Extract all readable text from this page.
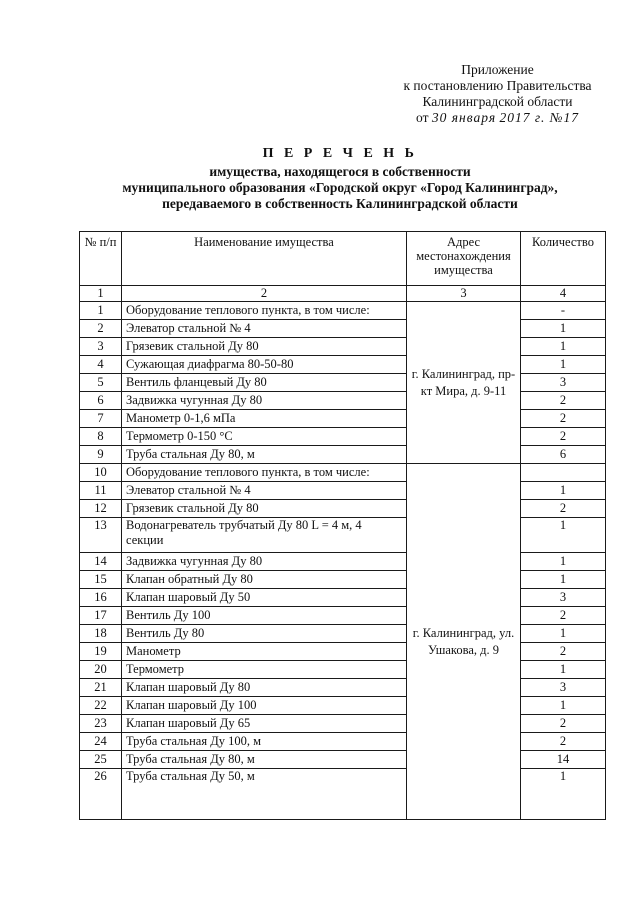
Приложение
к постановлению Правительства
Калининградской области
от 30 января 2017 г. №17
П Е Р Е Ч Е Н Ь
имущества, находящегося в собственности
муниципального образования «Городской округ «Город Калининград»,
передаваемого в собственность Калининградской области
№ п/п	Наименование имущества	Адрес местонахождения имущества	Количество
1	2	3	4
1	Оборудование теплового пункта, в том числе:	г. Калининград, пр-кт Мира, д. 9-11	-
2	Элеватор стальной № 4		1
3	Грязевик стальной Ду 80		1
4	Сужающая диафрагма 80-50-80		1
5	Вентиль фланцевый Ду 80		3
6	Задвижка чугунная Ду 80		2
7	Манометр 0-1,6 мПа		2
8	Термометр 0-150 °С		2
9	Труба стальная Ду 80, м		6
10	Оборудование теплового пункта, в том числе:	г. Калининград, ул. Ушакова, д. 9	
11	Элеватор стальной № 4		1
12	Грязевик стальной Ду 80		2
13	Водонагреватель трубчатый Ду 80 L = 4 м, 4 секции		1
14	Задвижка чугунная Ду 80		1
15	Клапан обратный Ду 80		1
16	Клапан шаровый Ду 50		3
17	Вентиль Ду 100		2
18	Вентиль Ду 80		1
19	Манометр		2
20	Термометр		1
21	Клапан шаровый Ду 80		3
22	Клапан шаровый Ду 100		1
23	Клапан шаровый Ду 65		2
24	Труба стальная Ду 100, м		2
25	Труба стальная Ду 80, м		14
26	Труба стальная Ду 50, м		1
